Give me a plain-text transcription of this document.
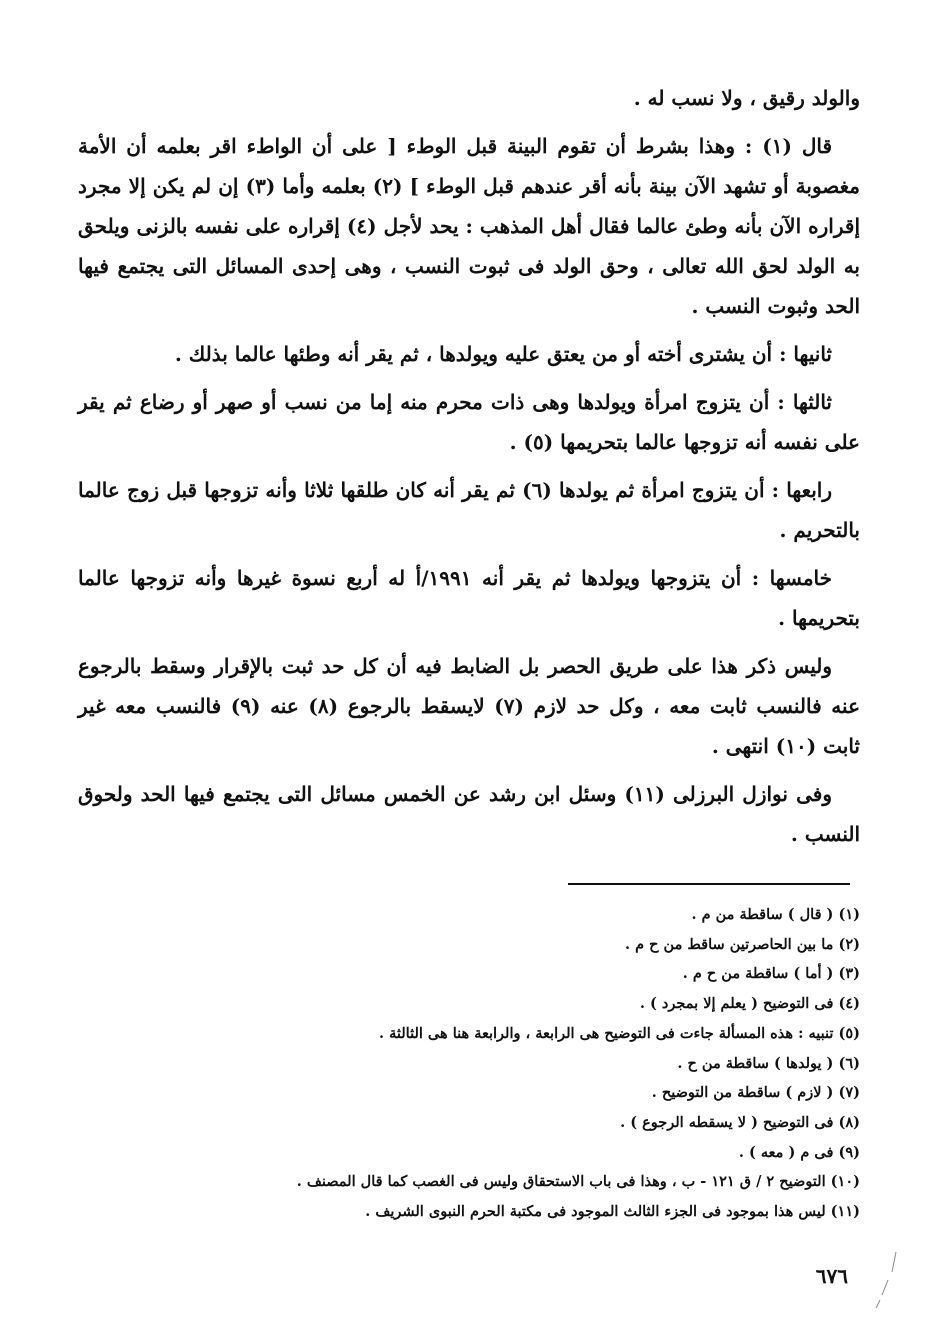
والولد رقيق ، ولا نسب له .

قال (١) : وهذا بشرط أن تقوم البينة قبل الوطء [ على أن الواطء اقر بعلمه أن الأمة مغصوبة أو تشهد الآن بينة بأنه أقر عندهم قبل الوطء ] (٢) بعلمه وأما (٣) إن لم يكن إلا مجرد إقراره الآن بأنه وطئ عالما فقال أهل المذهب : يحد لأجل (٤) إقراره على نفسه بالزنى ويلحق به الولد لحق الله تعالى ، وحق الولد فى ثبوت النسب ، وهى إحدى المسائل التى يجتمع فيها الحد وثبوت النسب .

ثانيها : أن يشترى أخته أو من يعتق عليه ويولدها ، ثم يقر أنه وطئها عالما بذلك .

ثالثها : أن يتزوج امرأة ويولدها وهى ذات محرم منه إما من نسب أو صهر أو رضاع ثم يقر على نفسه أنه تزوجها عالما بتحريمها (٥) .

رابعها : أن يتزوج امرأة ثم يولدها (٦) ثم يقر أنه كان طلقها ثلاثا وأنه تزوجها قبل زوج عالما بالتحريم .

خامسها : أن يتزوجها ويولدها ثم يقر أنه ١٩٩١/أ له أربع نسوة غيرها وأنه تزوجها عالما بتحريمها .

وليس ذكر هذا على طريق الحصر بل الضابط فيه أن كل حد ثبت بالإقرار وسقط بالرجوع عنه فالنسب ثابت معه ، وكل حد لازم (٧) لايسقط بالرجوع (٨) عنه (٩) فالنسب معه غير ثابت (١٠) انتهى .

وفى نوازل البرزلى (١١) وسئل ابن رشد عن الخمس مسائل التى يجتمع فيها الحد ولحوق النسب .

(١) ( قال ) ساقطة من م .
(٢) ما بين الحاصرتين ساقط من ح م .
(٣) ( أما ) ساقطة من ح م .
(٤) فى التوضيح ( يعلم إلا بمجرد ) .
(٥) تنبيه : هذه المسألة جاءت فى التوضيح هى الرابعة ، والرابعة هنا هى الثالثة .
(٦) ( يولدها ) ساقطة من ح .
(٧) ( لازم ) ساقطة من التوضيح .
(٨) فى التوضيح ( لا يسقطه الرجوع ) .
(٩) فى م ( معه ) .
(١٠) التوضيح ٢ / ق ١٢١ - ب ، وهذا فى باب الاستحقاق وليس فى الغصب كما قال المصنف .
(١١) ليس هذا بموجود فى الجزء الثالث الموجود فى مكتبة الحرم النبوى الشريف .
٦٧٦
